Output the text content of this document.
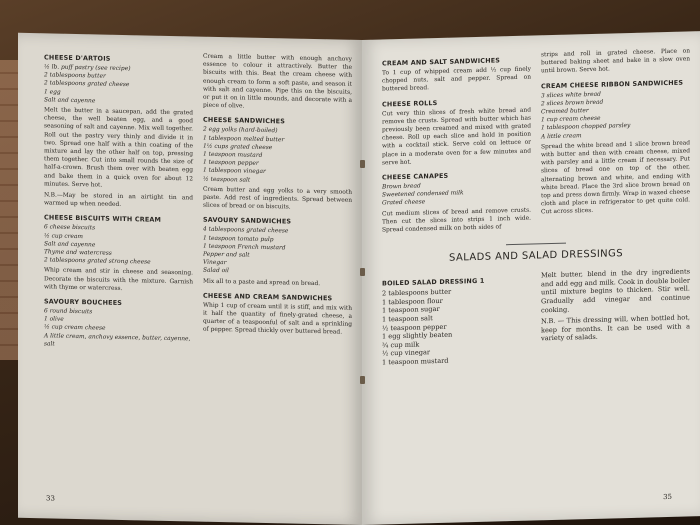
CHEESE D'ARTOIS
½ lb. puff pastry (see recipe)
2 tablespoons butter
2 tablespoons grated cheese
1 egg
Salt and cayenne

Melt the butter in a saucepan, add the grated cheese, the well beaten egg, and a good seasoning of salt and cayenne. Mix well together. Roll out the pastry very thinly and divide it in two. Spread one half with a thin coating of the mixture and lay the other half on top, pressing them together. Cut into small rounds the size of half-a-crown. Brush them over with beaten egg and bake them in a quick oven for about 12 minutes. Serve hot.

N.B.—May be stored in an airtight tin and warmed up when needed.

CHEESE BISCUITS WITH CREAM
6 cheese biscuits
½ cup cream
Salt and cayenne
Thyme and watercress
2 tablespoons grated strong cheese

Whip cream and stir in cheese and seasoning. Decorate the biscuits with the mixture. Garnish with thyme or watercress.

SAVOURY BOUCHEES
6 round biscuits
1 olive
½ cup cream cheese
A little cream, anchovy essence, butter, cayenne, salt

Cream a little butter with enough anchovy essence to colour it attractively. Butter the biscuits with this. Beat the cream cheese with enough cream to form a soft paste, and season it with salt and cayenne. Pipe this on the biscuits, or put it on in little mounds, and decorate with a piece of olive.

CHEESE SANDWICHES
2 egg yolks (hard-boiled)
1 tablespoon melted butter
1½ cups grated cheese
1 teaspoon mustard
1 teaspoon pepper
1 tablespoon vinegar
½ teaspoon salt

Cream butter and egg yolks to a very smooth paste. Add rest of ingredients. Spread between slices of bread or on biscuits.

SAVOURY SANDWICHES
4 tablespoons grated cheese
1 teaspoon tomato pulp
1 teaspoon French mustard
Pepper and salt
Vinegar
Salad oil

Mix all to a paste and spread on bread.

CHEESE AND CREAM SANDWICHES

Whip 1 cup of cream until it is stiff, and mix with it half the quantity of finely-grated cheese, a quarter of a teaspoonful of salt and a sprinkling of pepper. Spread thickly over buttered bread.

33
CREAM AND SALT SANDWICHES

To 1 cup of whipped cream add ½ cup finely chopped nuts, salt and pepper. Spread on buttered bread.

CHEESE ROLLS

Cut very thin slices of fresh white bread and remove the crusts. Spread with butter which has previously been creamed and mixed with grated cheese. Roll up each slice and hold in position with a cocktail stick. Serve cold on lettuce or place in a moderate oven for a few minutes and serve hot.

CHEESE CANAPES
Brown bread
Sweetened condensed milk
Grated cheese

Cut medium slices of bread and remove crusts. Then cut the slices into strips 1 inch wide. Spread condensed milk on both sides of

strips and roll in grated cheese. Place on buttered baking sheet and bake in a slow oven until brown. Serve hot.

CREAM CHEESE RIBBON SANDWICHES
3 slices white bread
2 slices brown bread
Creamed butter
1 cup cream cheese
1 tablespoon chopped parsley
A little cream

Spread the white bread and 1 slice brown bread with butter and then with cream cheese, mixed with parsley and a little cream if necessary. Put slices of bread one on top of the other, alternating brown and white, and ending with white bread. Place the 3rd slice brown bread on top and press down firmly. Wrap in waxed cheese cloth and place in refrigerator to get quite cold. Cut across slices.

SALADS AND SALAD DRESSINGS
BOILED SALAD DRESSING 1
2 tablespoons butter
1 tablespoon flour
1 teaspoon sugar
1 teaspoon salt
½ teaspoon pepper
1 egg slightly beaten
¾ cup milk
½ cup vinegar
1 teaspoon mustard

Melt butter, blend in the dry ingredients and add egg and milk. Cook in double boiler until mixture begins to thicken. Stir well. Gradually add vinegar and continue cooking.

N.B. — This dressing will, when bottled hot, keep for months. It can be used with a variety of salads.

35
